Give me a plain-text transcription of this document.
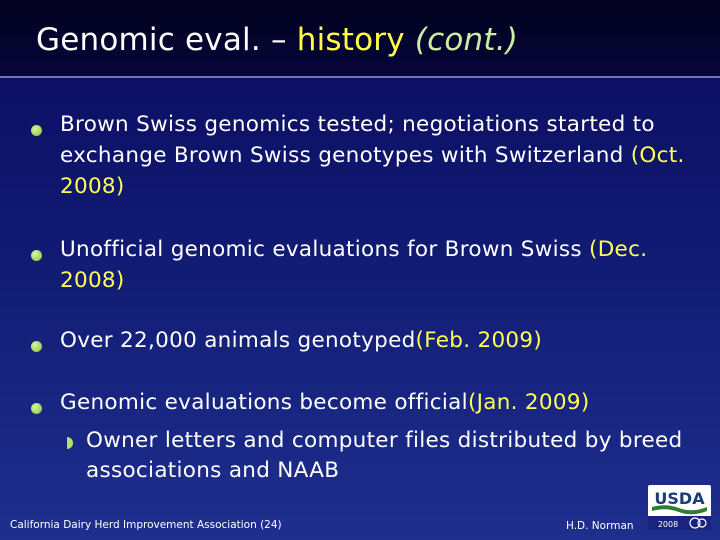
Genomic eval. – history (cont.)
Brown Swiss genomics tested; negotiations started to exchange Brown Swiss genotypes with Switzerland (Oct. 2008)
Unofficial genomic evaluations for Brown Swiss (Dec. 2008)
Over 22,000 animals genotyped(Feb. 2009)
Genomic evaluations become official(Jan. 2009)
Owner letters and computer files distributed by breed associations and NAAB
California Dairy Herd Improvement Association (24)	H.D. Norman
USDA
2008
